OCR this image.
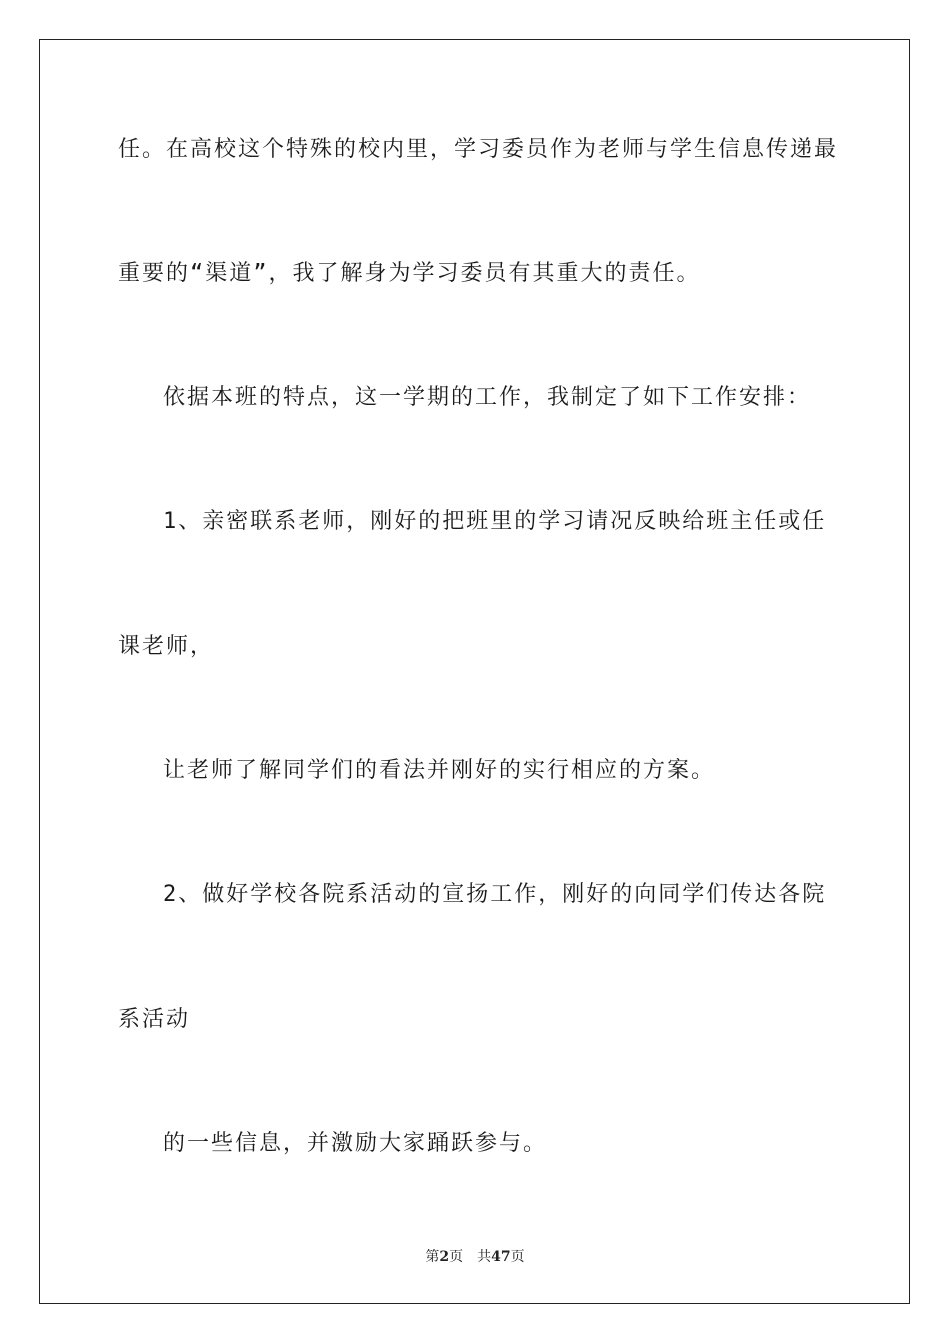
任。在高校这个特殊的校内里，学习委员作为老师与学生信息传递最
重要的“渠道”，我了解身为学习委员有其重大的责任。
依据本班的特点，这一学期的工作，我制定了如下工作安排：
1、亲密联系老师，刚好的把班里的学习请况反映给班主任或任
课老师，
让老师了解同学们的看法并刚好的实行相应的方案。
2、做好学校各院系活动的宣扬工作，刚好的向同学们传达各院
系活动
的一些信息，并激励大家踊跃参与。
第2页 共47页
